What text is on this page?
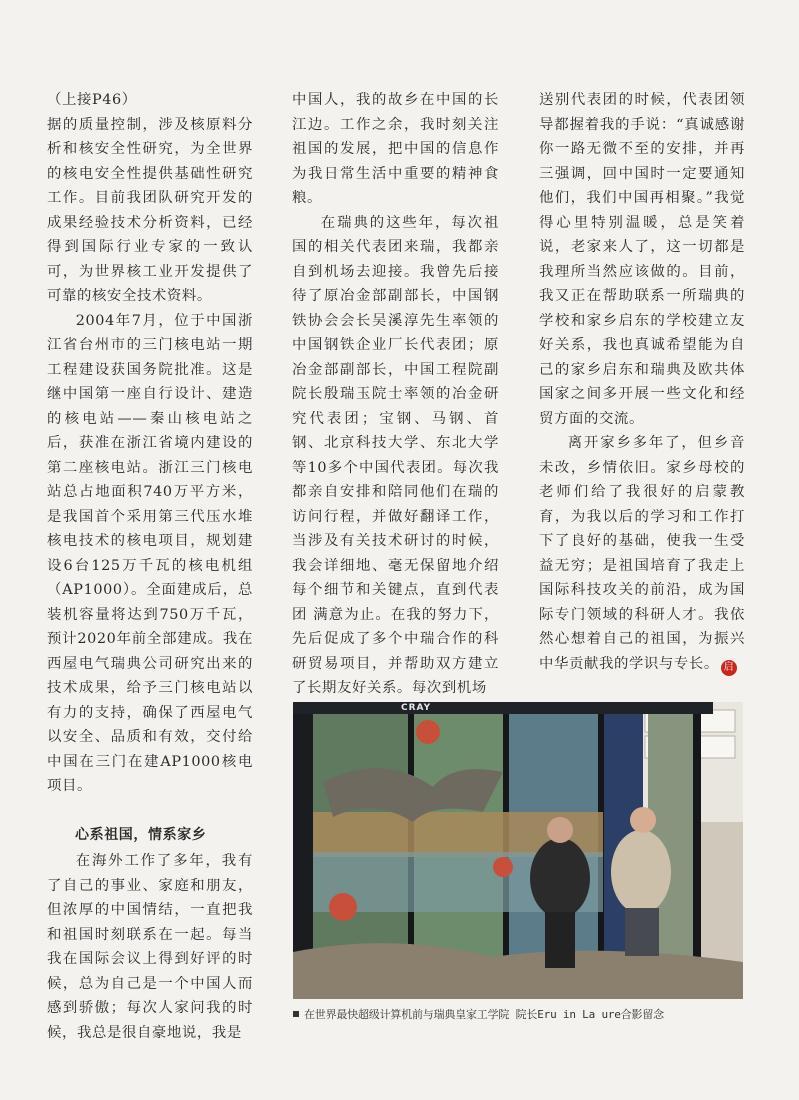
（上接P46）

据的质量控制，涉及核原料分析和核安全性研究，为全世界的核电安全性提供基础性研究工作。目前我团队研究开发的成果经验技术分析资料，已经得到国际行业专家的一致认可，为世界核工业开发提供了可靠的核安全技术资料。

2004年7月，位于中国浙江省台州市的三门核电站一期工程建设获国务院批准。这是继中国第一座自行设计、建造的核电站——秦山核电站之后，获准在浙江省境内建设的第二座核电站。浙江三门核电站总占地面积740万平方米，是我国首个采用第三代压水堆核电技术的核电项目，规划建设6台125万千瓦的核电机组（AP1000）。全面建成后，总装机容量将达到750万千瓦，预计2020年前全部建成。我在西屋电气瑞典公司研究出来的技术成果，给予三门核电站以有力的支持，确保了西屋电气以安全、品质和有效，交付给中国在三门在建AP1000核电项目。

心系祖国，情系家乡

在海外工作了多年，我有了自己的事业、家庭和朋友，但浓厚的中国情结，一直把我和祖国时刻联系在一起。每当我在国际会议上得到好评的时候，总为自己是一个中国人而感到骄傲；每次人家问我的时候，我总是很自豪地说，我是

中国人，我的故乡在中国的长江边。工作之余，我时刻关注祖国的发展，把中国的信息作为我日常生活中重要的精神食粮。

在瑞典的这些年，每次祖国的相关代表团来瑞，我都亲自到机场去迎接。我曾先后接待了原冶金部副部长，中国钢铁协会会长吴溪淳先生率领的中国钢铁企业厂长代表团；原冶金部副部长，中国工程院副院长殷瑞玉院士率领的冶金研究代表团；宝钢、马钢、首钢、北京科技大学、东北大学等10多个中国代表团。每次我都亲自安排和陪同他们在瑞的访问行程，并做好翻译工作，当涉及有关技术研讨的时候，我会详细地、毫无保留地介绍每个细节和关键点，直到代表团 满意为止。在我的努力下，先后促成了多个中瑞合作的科研贸易项目，并帮助双方建立了长期友好关系。每次到机场

送别代表团的时候，代表团领导都握着我的手说：“真诚感谢你一路无微不至的安排，并再三强调，回中国时一定要通知他们，我们中国再相聚。”我觉得心里特别温暖，总是笑着说，老家来人了，这一切都是我理所当然应该做的。目前，我又正在帮助联系一所瑞典的学校和家乡启东的学校建立友好关系，我也真诚希望能为自己的家乡启东和瑞典及欧共体国家之间多开展一些文化和经贸方面的交流。

离开家乡多年了，但乡音未改，乡情依旧。家乡母校的老师们给了我很好的启蒙教育，为我以后的学习和工作打下了良好的基础，使我一生受益无穷；是祖国培育了我走上国际科技攻关的前沿，成为国际专门领域的科研人才。我依然心想着自己的祖国，为振兴中华贡献我的学识与专长。 启

CRAY
在世界最快超级计算机前与瑞典皇家工学院 院长Eru in La ure合影留念
